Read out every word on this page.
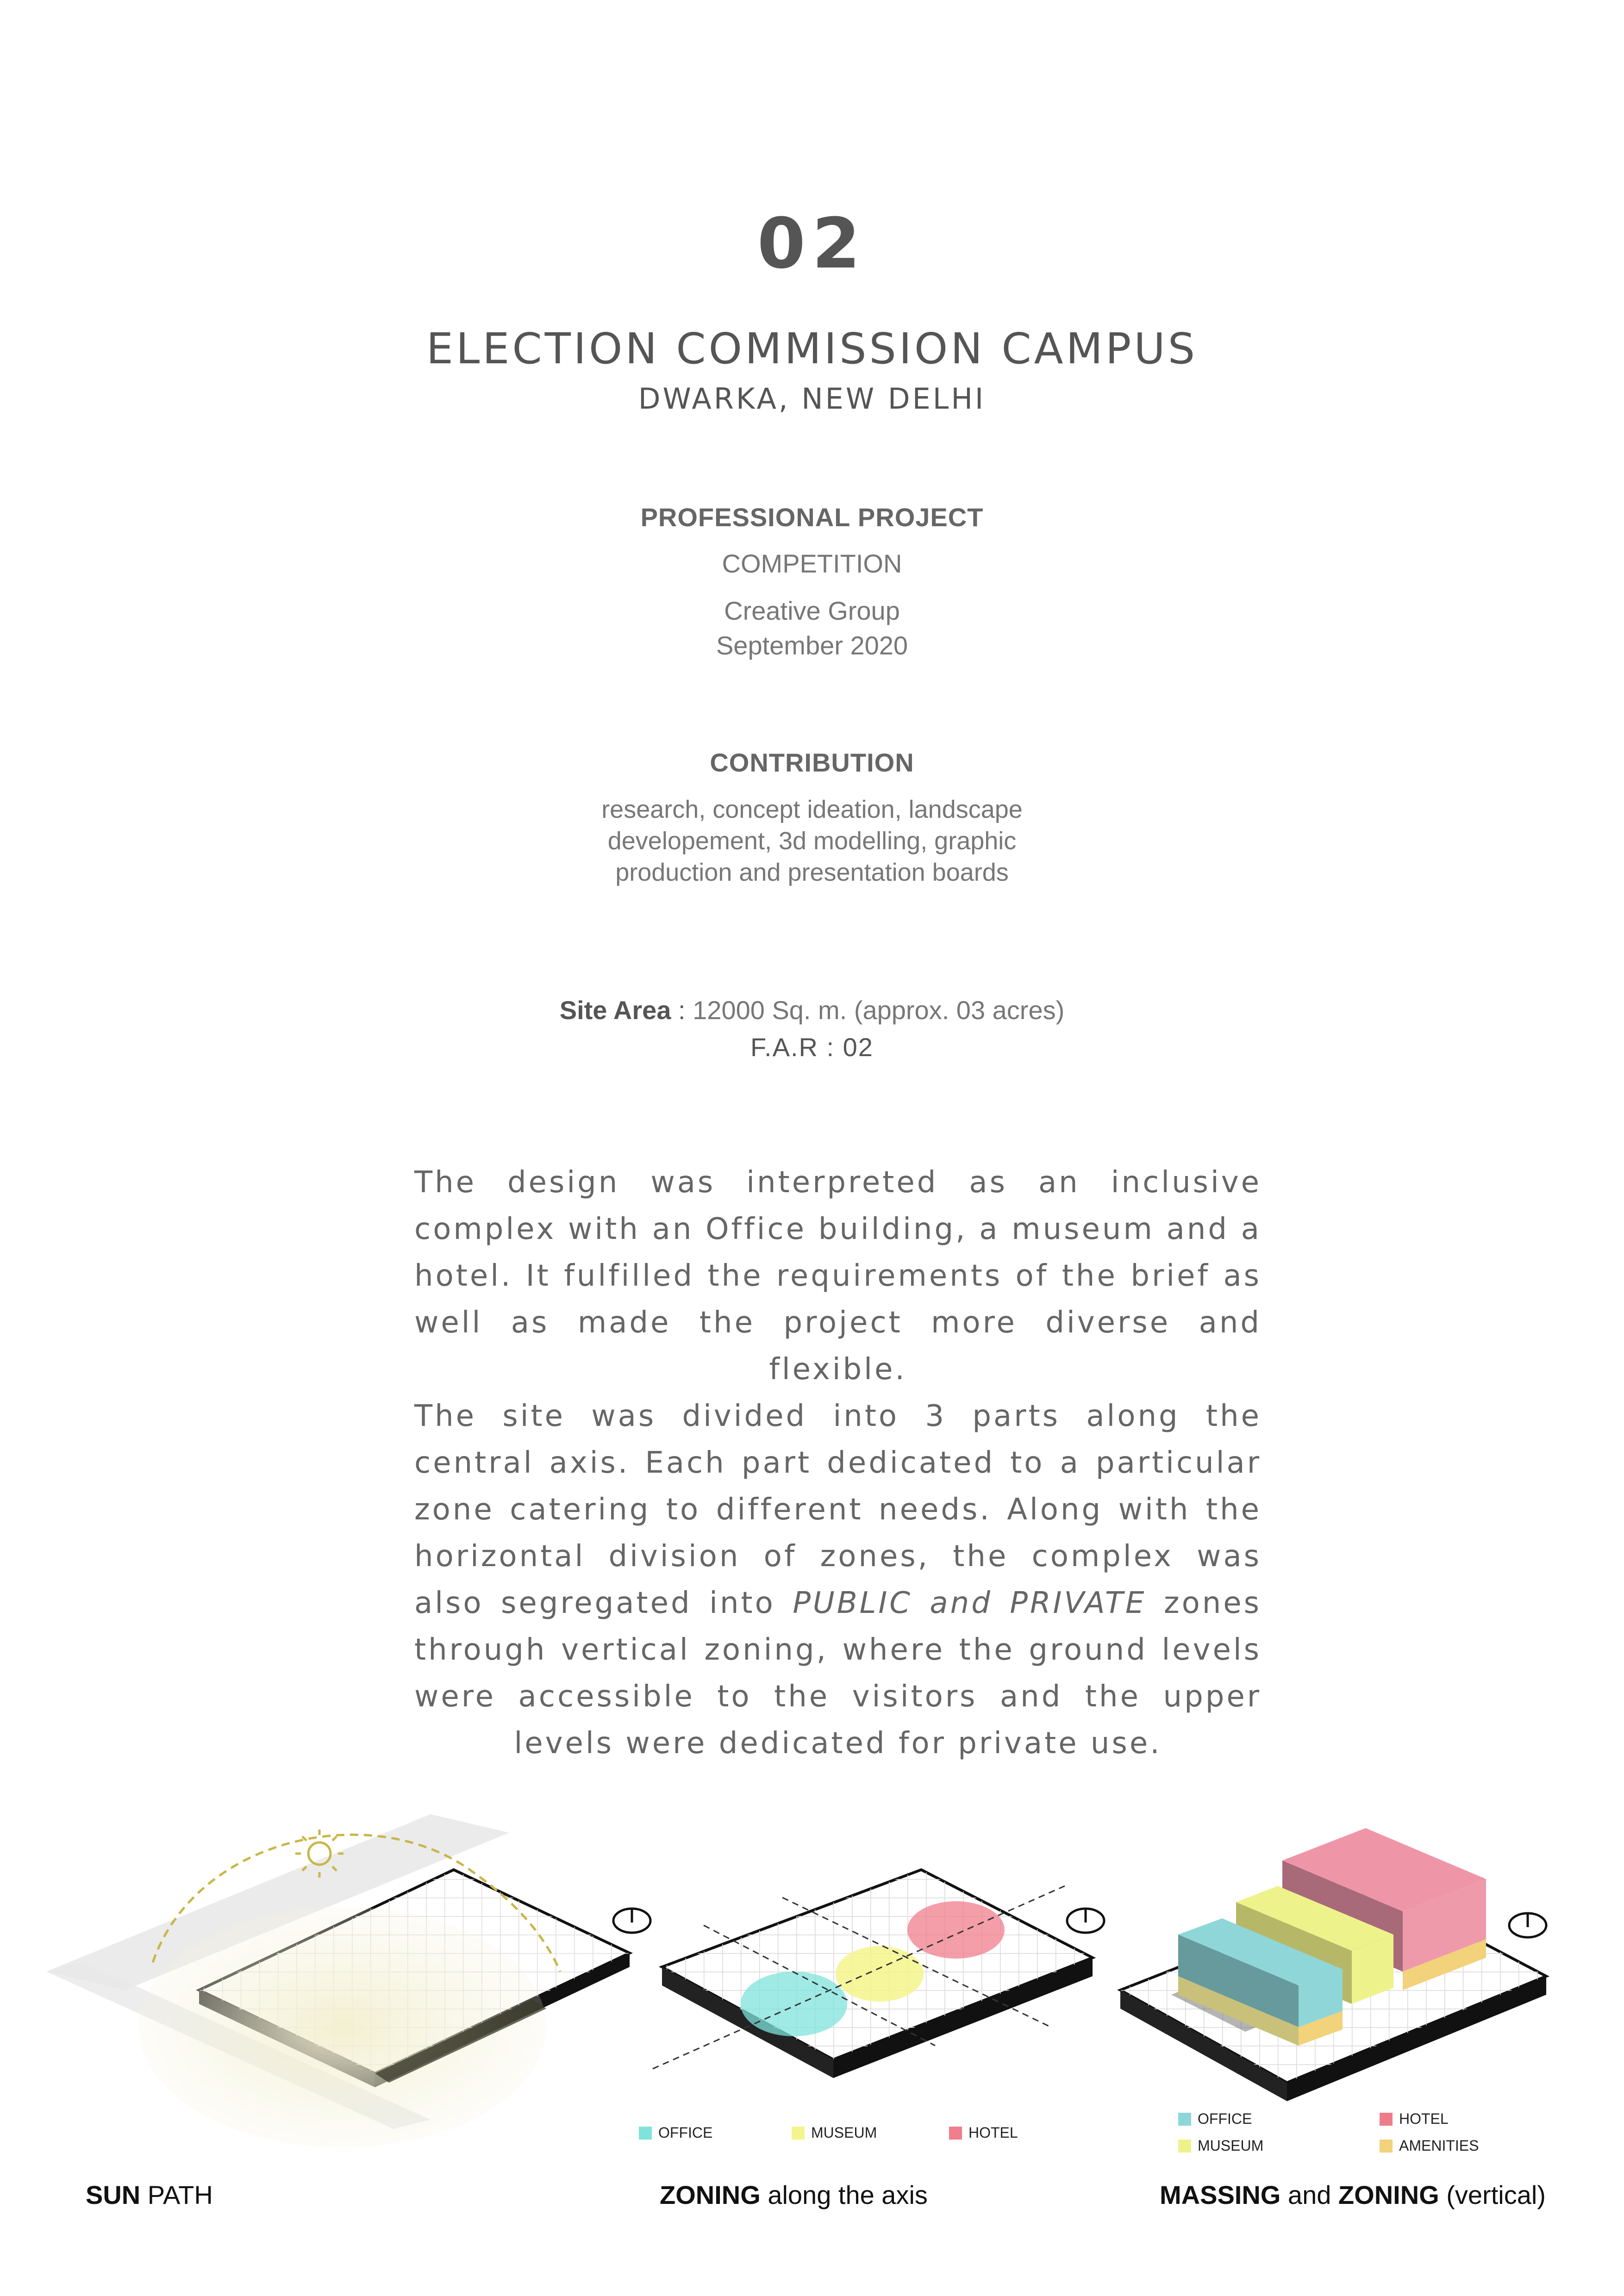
02
ELECTION COMMISSION CAMPUS
DWARKA, NEW DELHI
PROFESSIONAL PROJECT
COMPETITION
Creative Group
September 2020
CONTRIBUTION
research, concept ideation, landscape
developement, 3d modelling, graphic
production and presentation boards
Site Area : 12000 Sq. m. (approx. 03 acres)
F.A.R : 02
The design was interpreted as an inclusive complex with an Office building, a museum and a hotel. It fulfilled the requirements of the brief as well as made the project more diverse and flexible.
The site was divided into 3 parts along the central axis. Each part dedicated to a particular zone catering to different needs. Along with the horizontal division of zones, the complex was also segregated into PUBLIC and PRIVATE zones through vertical zoning, where the ground levels were accessible to the visitors and the upper levels were dedicated for private use.
OFFICE	MUSEUM	HOTEL
OFFICE	HOTEL
MUSEUM	AMENITIES
SUN PATH	ZONING along the axis	MASSING and ZONING (vertical)
